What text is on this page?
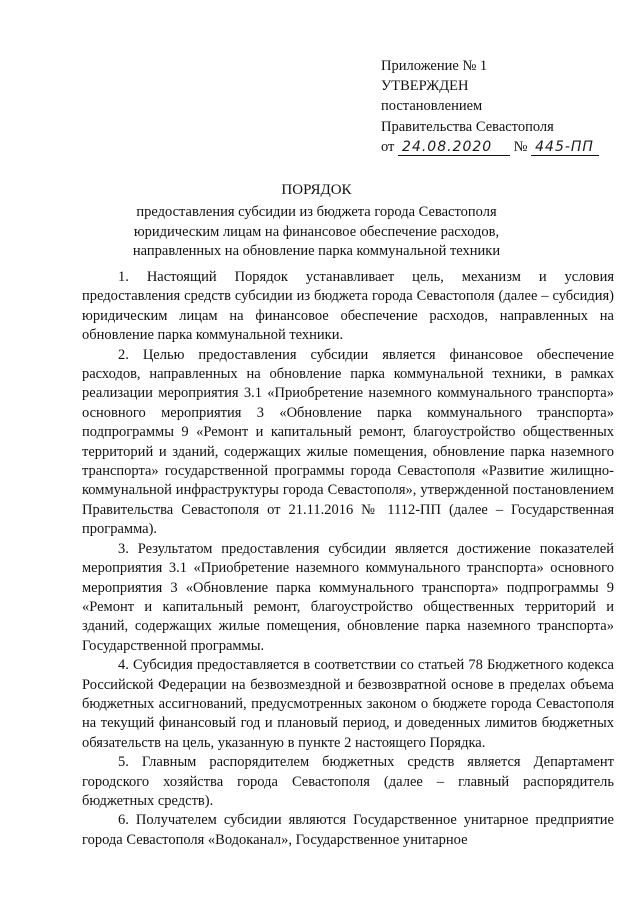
Приложение № 1
УТВЕРЖДЕН
постановлением
Правительства Севастополя
от 24.08.2020 № 445-ПП
ПОРЯДОК
предоставления субсидии из бюджета города Севастополя юридическим лицам на финансовое обеспечение расходов, направленных на обновление парка коммунальной техники

1. Настоящий Порядок устанавливает цель, механизм и условия предоставления средств субсидии из бюджета города Севастополя (далее – субсидия) юридическим лицам на финансовое обеспечение расходов, направленных на обновление парка коммунальной техники.

2. Целью предоставления субсидии является финансовое обеспечение расходов, направленных на обновление парка коммунальной техники, в рамках реализации мероприятия 3.1 «Приобретение наземного коммунального транспорта» основного мероприятия 3 «Обновление парка коммунального транспорта» подпрограммы 9 «Ремонт и капитальный ремонт, благоустройство общественных территорий и зданий, содержащих жилые помещения, обновление парка наземного транспорта» государственной программы города Севастополя «Развитие жилищно-коммунальной инфраструктуры города Севастополя», утвержденной постановлением Правительства Севастополя от 21.11.2016 № 1112-ПП (далее – Государственная программа).

3. Результатом предоставления субсидии является достижение показателей мероприятия 3.1 «Приобретение наземного коммунального транспорта» основного мероприятия 3 «Обновление парка коммунального транспорта» подпрограммы 9 «Ремонт и капитальный ремонт, благоустройство общественных территорий и зданий, содержащих жилые помещения, обновление парка наземного транспорта» Государственной программы.

4. Субсидия предоставляется в соответствии со статьей 78 Бюджетного кодекса Российской Федерации на безвозмездной и безвозвратной основе в пределах объема бюджетных ассигнований, предусмотренных законом о бюджете города Севастополя на текущий финансовый год и плановый период, и доведенных лимитов бюджетных обязательств на цель, указанную в пункте 2 настоящего Порядка.

5. Главным распорядителем бюджетных средств является Департамент городского хозяйства города Севастополя (далее – главный распорядитель бюджетных средств).

6. Получателем субсидии являются Государственное унитарное предприятие города Севастополя «Водоканал», Государственное унитарное
